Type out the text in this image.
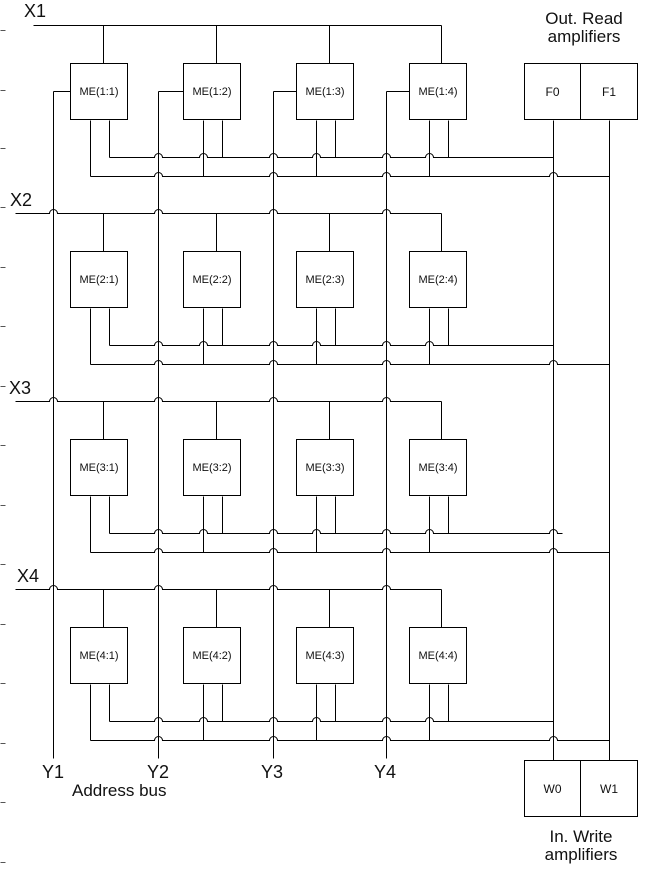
X1
X2
X3
X4
Y1	Y2	Y3	Y4
Address bus
Out. Read
amplifiers
In. Write
amplifiers
F0	F1
W0	W1
ME(1:1)	ME(1:2)	ME(1:3)	ME(1:4)
ME(2:1)	ME(2:2)	ME(2:3)	ME(2:4)
ME(3:1)	ME(3:2)	ME(3:3)	ME(3:4)
ME(4:1)	ME(4:2)	ME(4:3)	ME(4:4)
